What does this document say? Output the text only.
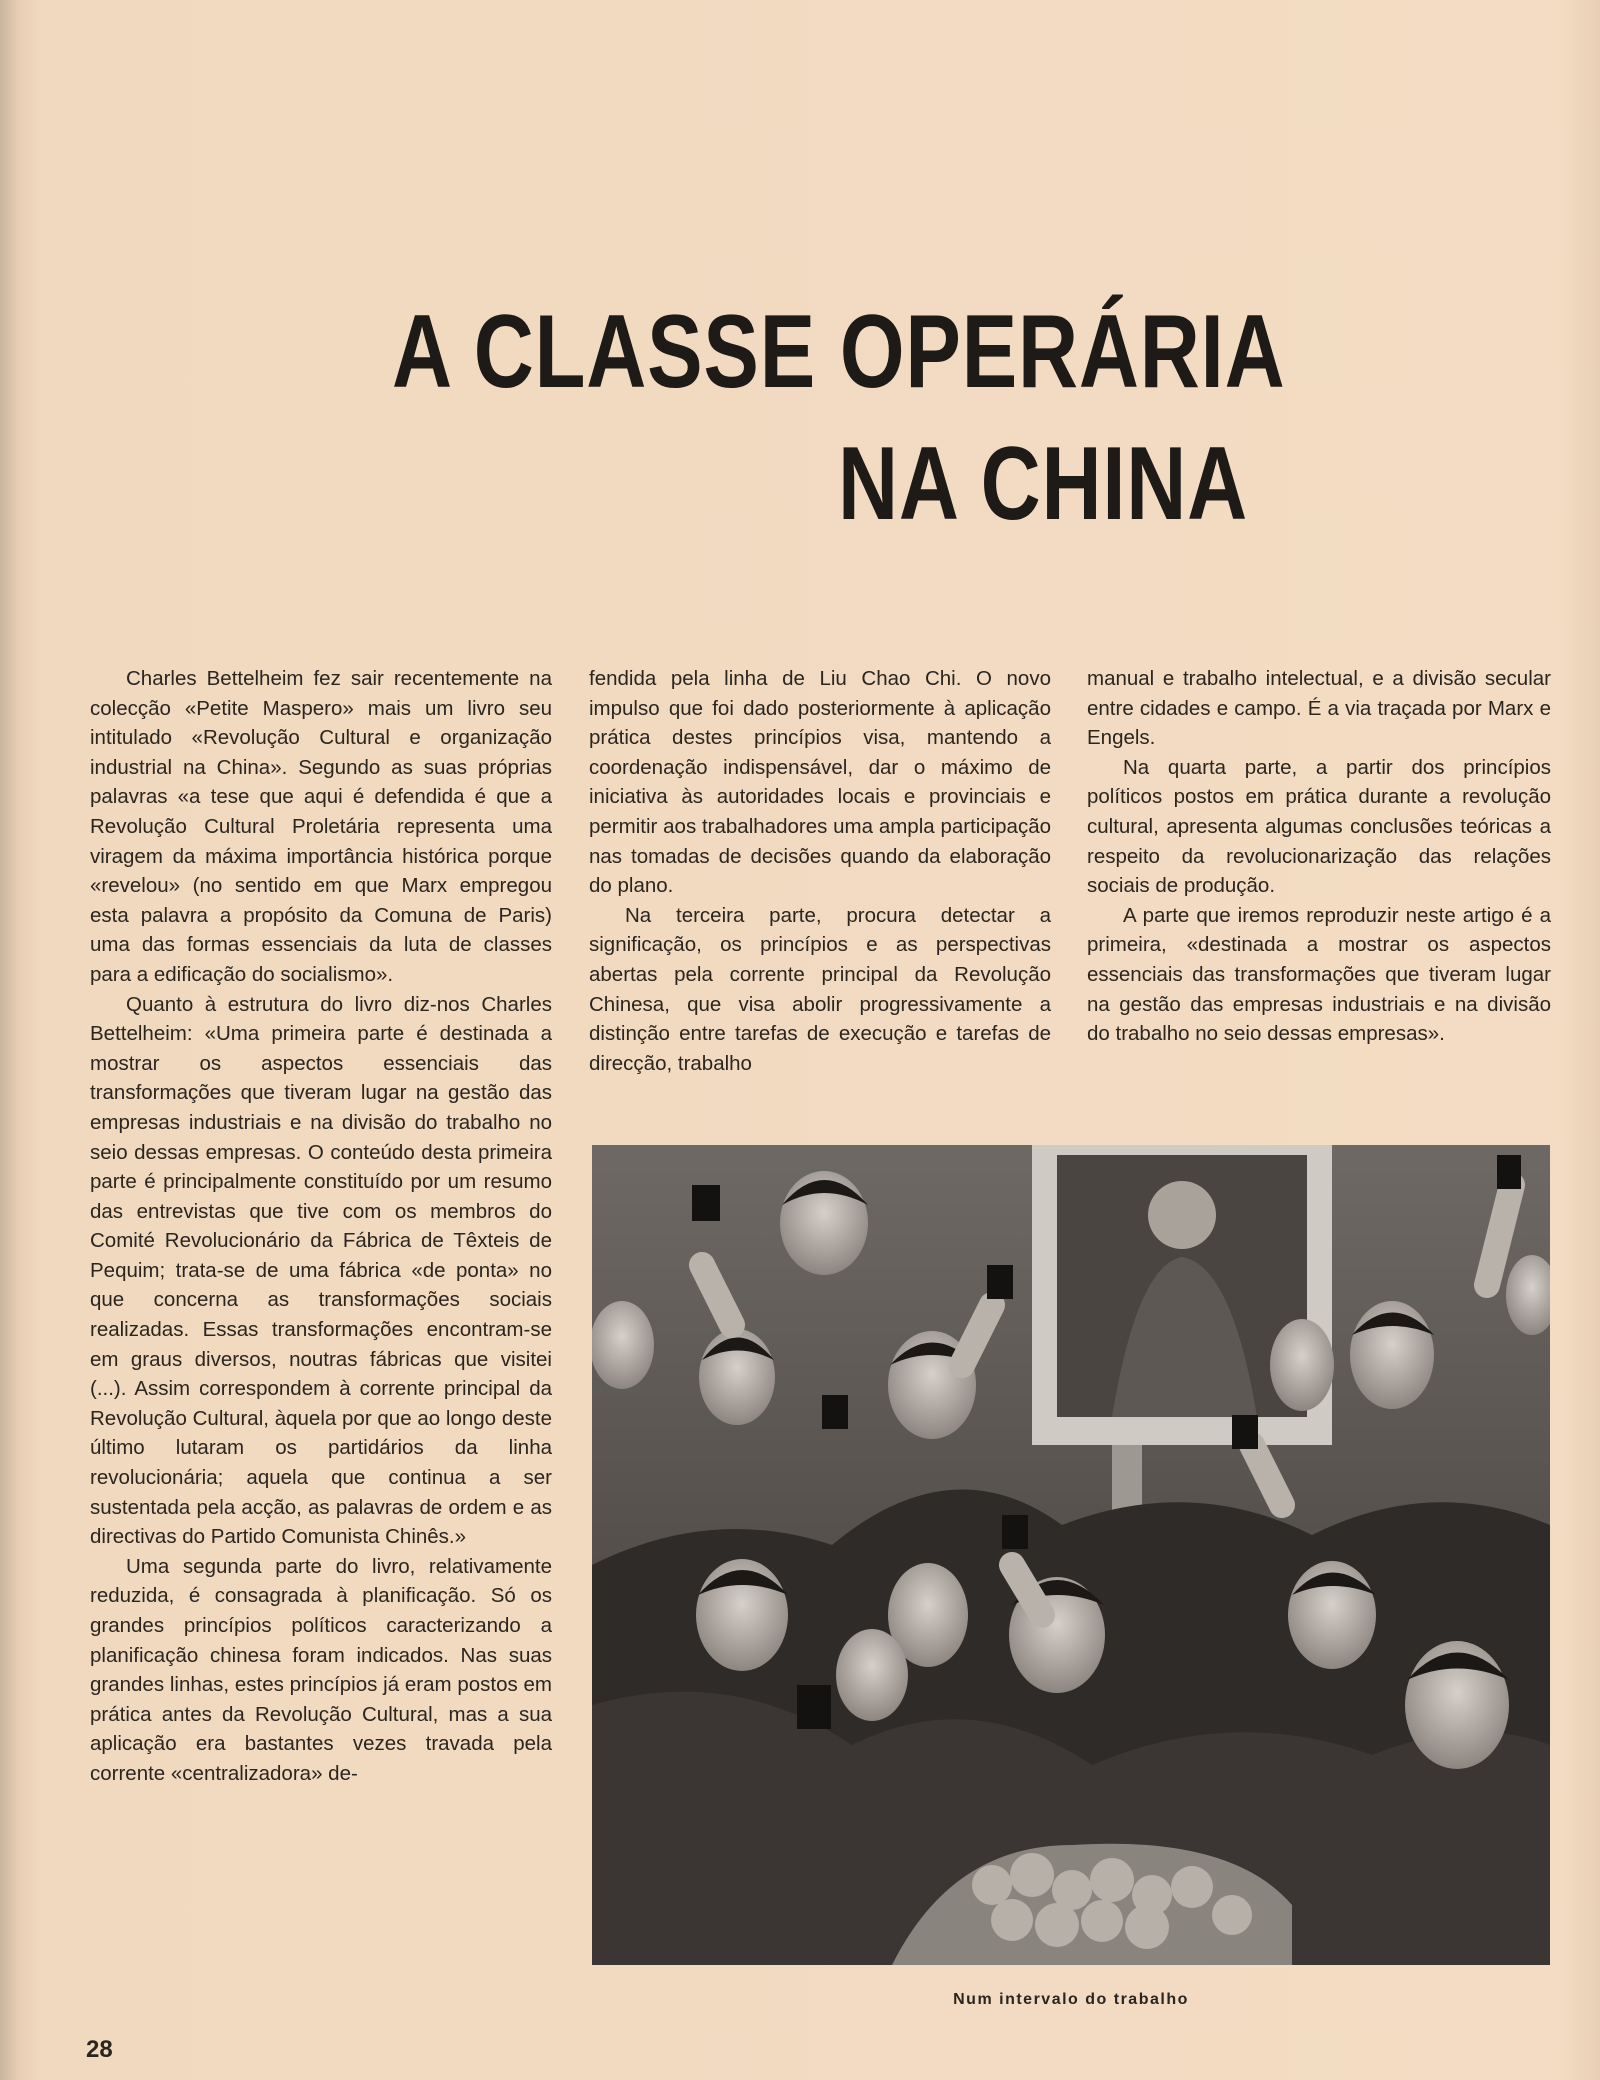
A CLASSE OPERÁRIA
NA CHINA

Charles Bettelheim fez sair recentemente na colecção «Petite Maspero» mais um livro seu intitulado «Revolução Cultural e organização industrial na China». Segundo as suas próprias palavras «a tese que aqui é defendida é que a Revolução Cultural Proletária representa uma viragem da máxima importância histórica porque «revelou» (no sentido em que Marx empregou esta palavra a propósito da Comuna de Paris) uma das formas essenciais da luta de classes para a edificação do socialismo».

Quanto à estrutura do livro diz-nos Charles Bettelheim: «Uma primeira parte é destinada a mostrar os aspectos essenciais das transformações que tiveram lugar na gestão das empresas industriais e na divisão do trabalho no seio dessas empresas. O conteúdo desta primeira parte é principalmente constituído por um resumo das entrevistas que tive com os membros do Comité Revolucionário da Fábrica de Têxteis de Pequim; trata-se de uma fábrica «de ponta» no que concerna as transformações sociais realizadas. Essas transformações encontram-se em graus diversos, noutras fábricas que visitei (...). Assim correspondem à corrente principal da Revolução Cultural, àquela por que ao longo deste último lutaram os partidários da linha revolucionária; aquela que continua a ser sustentada pela acção, as palavras de ordem e as directivas do Partido Comunista Chinês.»

Uma segunda parte do livro, relativamente reduzida, é consagrada à planificação. Só os grandes princípios políticos caracterizando a planificação chinesa foram indicados. Nas suas grandes linhas, estes princípios já eram postos em prática antes da Revolução Cultural, mas a sua aplicação era bastantes vezes travada pela corrente «centralizadora» de-

fendida pela linha de Liu Chao Chi. O novo impulso que foi dado posteriormente à aplicação prática destes princípios visa, mantendo a coordenação indispensável, dar o máximo de iniciativa às autoridades locais e provinciais e permitir aos trabalhadores uma ampla participação nas tomadas de decisões quando da elaboração do plano.

Na terceira parte, procura detectar a significação, os princípios e as perspectivas abertas pela corrente principal da Revolução Chinesa, que visa abolir progressivamente a distinção entre tarefas de execução e tarefas de direcção, trabalho

manual e trabalho intelectual, e a divisão secular entre cidades e campo. É a via traçada por Marx e Engels.

Na quarta parte, a partir dos princípios políticos postos em prática durante a revolução cultural, apresenta algumas conclusões teóricas a respeito da revolucionarização das relações sociais de produção.

A parte que iremos reproduzir neste artigo é a primeira, «destinada a mostrar os aspectos essenciais das transformações que tiveram lugar na gestão das empresas industriais e na divisão do trabalho no seio dessas empresas».

Num intervalo do trabalho
28
